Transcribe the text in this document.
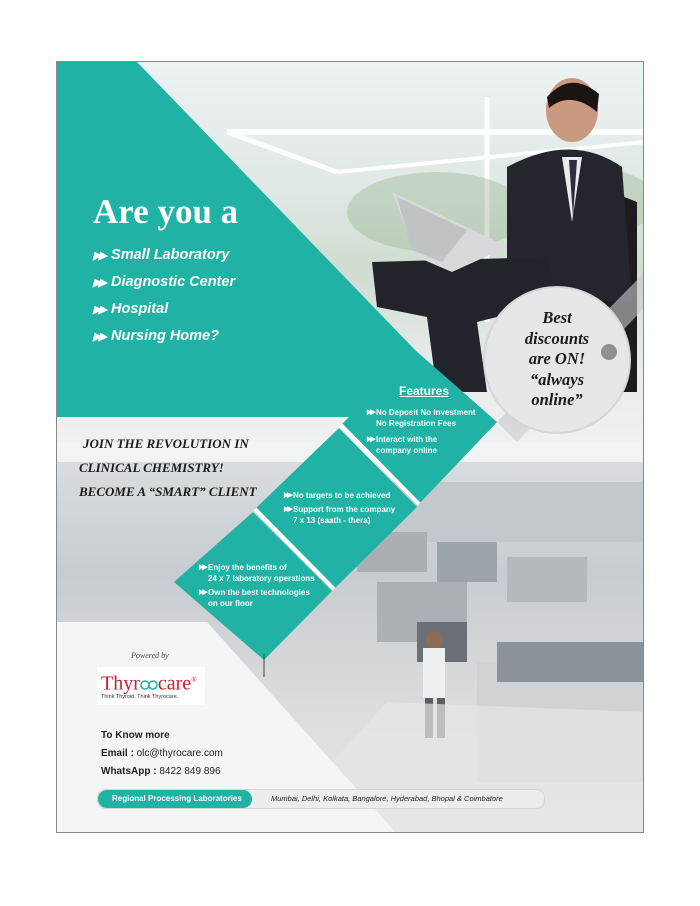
Are you a
▶▶ Small Laboratory
▶▶ Diagnostic Center
▶▶ Hospital
▶▶ Nursing Home?
Best
discounts
are ON!
“always
online”
Features
▶▶ No Deposit No Investment
No Registration Fees
▶▶ Interact with the
company online
▶▶ No targets to be achieved
▶▶ Support from the company
7 x 13 (saath - thera)
▶▶ Enjoy the benefits of
24 x 7 laboratory operations
▶▶ Own the best technologies
on our floor
JOIN THE REVOLUTION IN
CLINICAL CHEMISTRY!
BECOME A “SMART” CLIENT
Powered by
Thyr care®
Think Thyroid. Think Thyrocare.
To Know more
Email : olc@thyrocare.com
WhatsApp : 8422 849 896
Regional Processing Laboratories	Mumbai, Delhi, Kolkata, Bangalore, Hyderabad, Bhopal & Coimbatore
